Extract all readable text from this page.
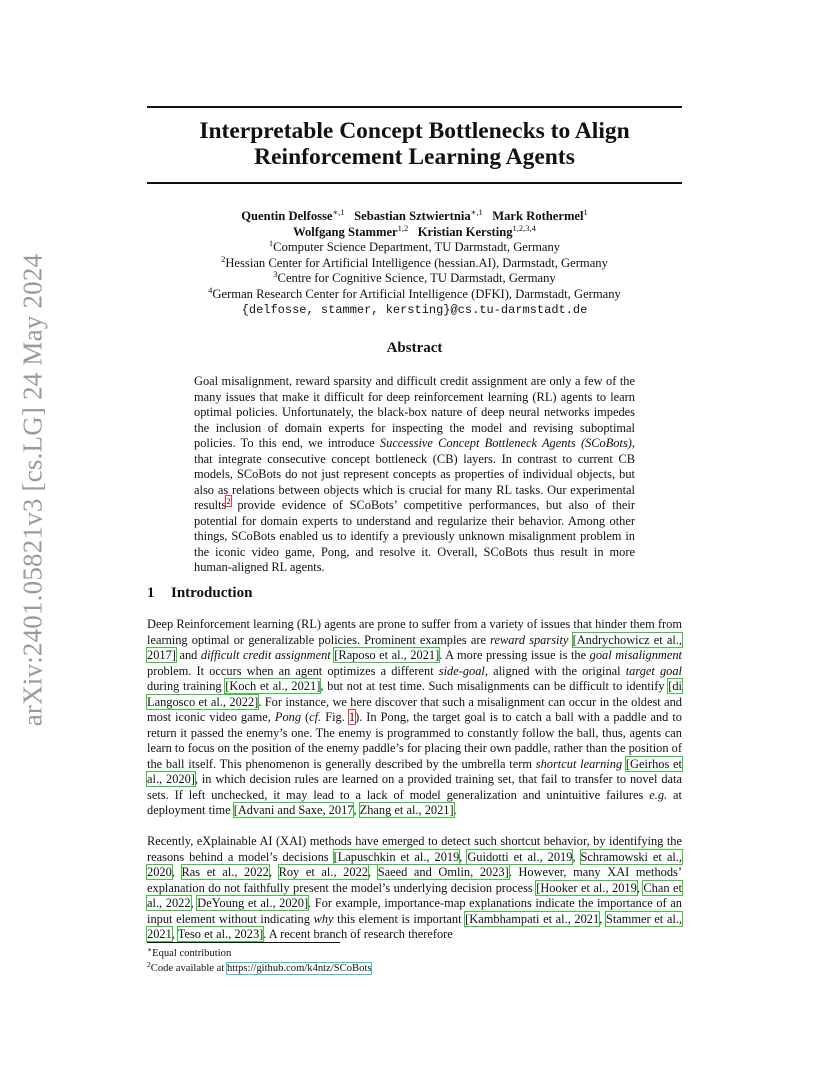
arXiv:2401.05821v3 [cs.LG] 24 May 2024
Interpretable Concept Bottlenecks to Align
Reinforcement Learning Agents
Quentin Delfosse$^{∗,1}$ Sebastian Sztwiertnia$^{∗,1}$ Mark Rothermel$^1$
Wolfgang Stammer$^{1,2}$ Kristian Kersting$^{1,2,3,4}$
$^1$Computer Science Department, TU Darmstadt, Germany
$^2$Hessian Center for Artificial Intelligence (hessian.AI), Darmstadt, Germany
$^3$Centre for Cognitive Science, TU Darmstadt, Germany
$^4$German Research Center for Artificial Intelligence (DFKI), Darmstadt, Germany
{delfosse, stammer, kersting}@cs.tu-darmstadt.de
Abstract

Goal misalignment, reward sparsity and difficult credit assignment are only a few of the many issues that make it difficult for deep reinforcement learning (RL) agents to learn optimal policies. Unfortunately, the black-box nature of deep neural networks impedes the inclusion of domain experts for inspecting the model and revising suboptimal policies. To this end, we introduce Successive Concept Bottleneck Agents (SCoBots), that integrate consecutive concept bottleneck (CB) layers. In contrast to current CB models, SCoBots do not just represent concepts as properties of individual objects, but also as relations between objects which is crucial for many RL tasks. Our experimental results$^2$ provide evidence of SCoBots’ competitive performances, but also of their potential for domain experts to understand and regularize their behavior. Among other things, SCoBots enabled us to identify a previously unknown misalignment problem in the iconic video game, Pong, and resolve it. Overall, SCoBots thus result in more human-aligned RL agents.

1 Introduction

Deep Reinforcement learning (RL) agents are prone to suffer from a variety of issues that hinder them from learning optimal or generalizable policies. Prominent examples are reward sparsity [Andrychowicz et al., 2017] and difficult credit assignment [Raposo et al., 2021]. A more pressing issue is the goal misalignment problem. It occurs when an agent optimizes a different side-goal, aligned with the original target goal during training [Koch et al., 2021], but not at test time. Such misalignments can be difficult to identify [di Langosco et al., 2022]. For instance, we here discover that such a misalignment can occur in the oldest and most iconic video game, Pong (cf. Fig. 1). In Pong, the target goal is to catch a ball with a paddle and to return it passed the enemy’s one. The enemy is programmed to constantly follow the ball, thus, agents can learn to focus on the position of the enemy paddle’s for placing their own paddle, rather than the position of the ball itself. This phenomenon is generally described by the umbrella term shortcut learning [Geirhos et al., 2020], in which decision rules are learned on a provided training set, that fail to transfer to novel data sets. If left unchecked, it may lead to a lack of model generalization and unintuitive failures e.g. at deployment time [Advani and Saxe, 2017, Zhang et al., 2021].

Recently, eXplainable AI (XAI) methods have emerged to detect such shortcut behavior, by identifying the reasons behind a model’s decisions [Lapuschkin et al., 2019, Guidotti et al., 2019, Schramowski et al., 2020, Ras et al., 2022, Roy et al., 2022, Saeed and Omlin, 2023]. However, many XAI methods’ explanation do not faithfully present the model’s underlying decision process [Hooker et al., 2019, Chan et al., 2022, DeYoung et al., 2020]. For example, importance-map explanations indicate the importance of an input element without indicating why this element is important [Kambhampati et al., 2021, Stammer et al., 2021, Teso et al., 2023]. A recent branch of research therefore

∗Equal contribution
$^2$Code available at https://github.com/k4ntz/SCoBots
